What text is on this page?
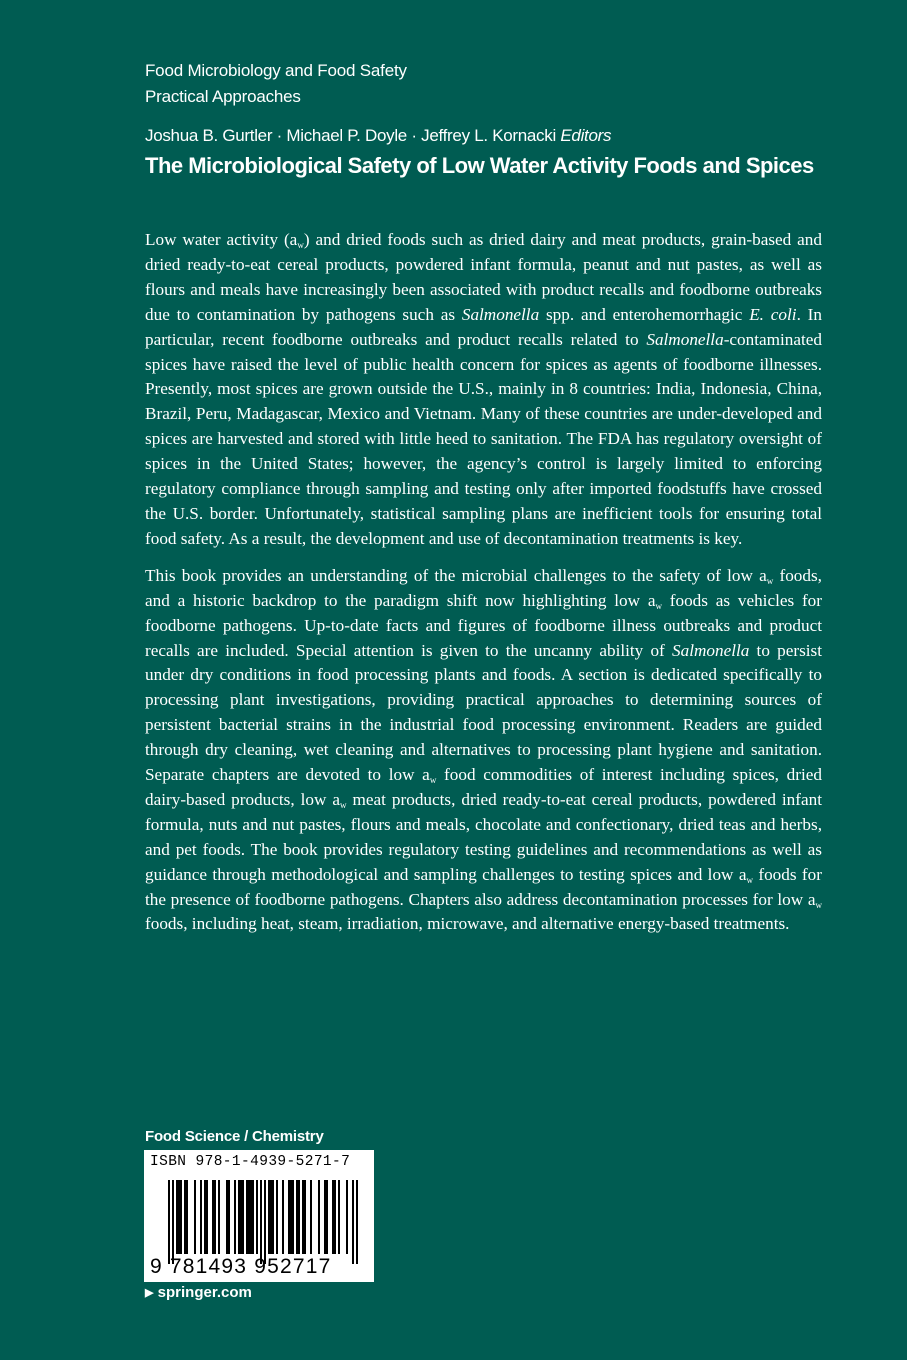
Food Microbiology and Food Safety
Practical Approaches
Joshua B. Gurtler · Michael P. Doyle · Jeffrey L. Kornacki Editors
The Microbiological Safety of Low Water Activity Foods and Spices

Low water activity $(a_w)$ and dried foods such as dried dairy and meat products, grain-based and dried ready-to-eat cereal products, powdered infant formula, peanut and nut pastes, as well as flours and meals have increasingly been associated with product recalls and foodborne outbreaks due to contamination by pathogens such as Salmonella spp. and enterohemorrhagic E. coli. In particular, recent foodborne outbreaks and product recalls related to Salmonella-contaminated spices have raised the level of public health concern for spices as agents of foodborne illnesses. Presently, most spices are grown outside the U.S., mainly in 8 countries: India, Indonesia, China, Brazil, Peru, Madagascar, Mexico and Vietnam. Many of these countries are under-developed and spices are harvested and stored with little heed to sanitation. The FDA has regulatory oversight of spices in the United States; however, the agency’s control is largely limited to enforcing regulatory compliance through sampling and testing only after imported foodstuffs have crossed the U.S. border. Unfortunately, statistical sampling plans are inefficient tools for ensuring total food safety. As a result, the development and use of decontamination treatments is key.

This book provides an understanding of the microbial challenges to the safety of low $a_w$ foods, and a historic backdrop to the paradigm shift now highlighting low $a_w$ foods as vehicles for foodborne pathogens. Up-to-date facts and figures of foodborne illness outbreaks and product recalls are included. Special attention is given to the uncanny ability of Salmonella to persist under dry conditions in food processing plants and foods. A section is dedicated specifically to processing plant investigations, providing practical approaches to determining sources of persistent bacterial strains in the industrial food processing environment. Readers are guided through dry cleaning, wet cleaning and alternatives to processing plant hygiene and sanitation. Separate chapters are devoted to low $a_w$ food commodities of interest including spices, dried dairy-based products, low $a_w$ meat products, dried ready-to-eat cereal products, powdered infant formula, nuts and nut pastes, flours and meals, chocolate and confectionary, dried teas and herbs, and pet foods. The book provides regulatory testing guidelines and recommendations as well as guidance through methodological and sampling challenges to testing spices and low $a_w$ foods for the presence of foodborne pathogens. Chapters also address decontamination processes for low $a_w$ foods, including heat, steam, irradiation, microwave, and alternative energy-based treatments.

Food Science / Chemistry
ISBN 978-1-4939-5271-7
9 781493 952717
▶ springer.com
